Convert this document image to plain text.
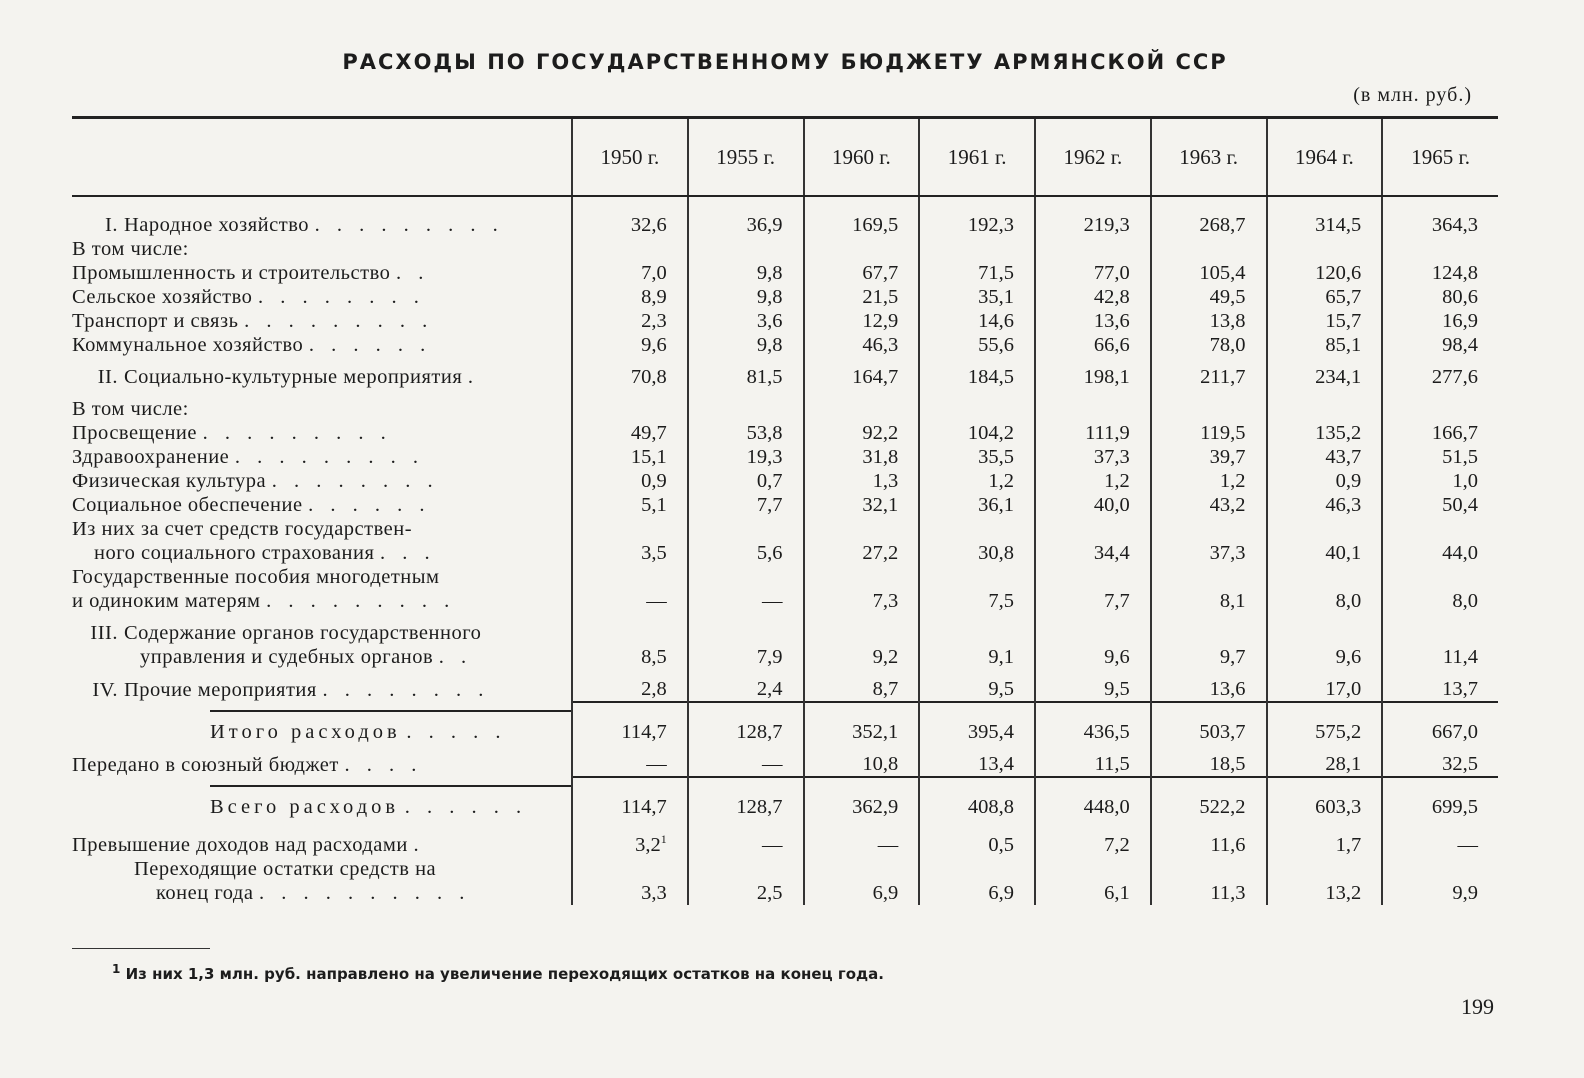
РАСХОДЫ ПО ГОСУДАРСТВЕННОМУ БЮДЖЕТУ АРМЯНСКОЙ ССР
(в млн. руб.)
	1950 г.	1955 г.	1960 г.	1961 г.	1962 г.	1963 г.	1964 г.	1965 г.

I. Народное хозяйство . . . . . . . . .	32,6	36,9	169,5	192,3	219,3	268,7	314,5	364,3
В том числе:								
Промышленность и строительство . .	7,0	9,8	67,7	71,5	77,0	105,4	120,6	124,8
Сельское хозяйство . . . . . . . .	8,9	9,8	21,5	35,1	42,8	49,5	65,7	80,6
Транспорт и связь . . . . . . . . .	2,3	3,6	12,9	14,6	13,6	13,8	15,7	16,9
Коммунальное хозяйство . . . . . .	9,6	9,8	46,3	55,6	66,6	78,0	85,1	98,4
II. Социально-культурные мероприятия .	70,8	81,5	164,7	184,5	198,1	211,7	234,1	277,6
В том числе:								
Просвещение . . . . . . . . .	49,7	53,8	92,2	104,2	111,9	119,5	135,2	166,7
Здравоохранение . . . . . . . . .	15,1	19,3	31,8	35,5	37,3	39,7	43,7	51,5
Физическая культура . . . . . . . .	0,9	0,7	1,3	1,2	1,2	1,2	0,9	1,0
Социальное обеспечение . . . . . .	5,1	7,7	32,1	36,1	40,0	43,2	46,3	50,4
Из них за счет средств государствен-
ного социального страхования . . .	3,5	5,6	27,2	30,8	34,4	37,3	40,1	44,0
Государственные пособия многодетным
и одиноким матерям . . . . . . . . .	—	—	7,3	7,5	7,7	8,1	8,0	8,0
III. Содержание органов государственного
управления и судебных органов . .	8,5	7,9	9,2	9,1	9,6	9,7	9,6	11,4
IV. Прочие мероприятия . . . . . . . .	2,8	2,4	8,7	9,5	9,5	13,6	17,0	13,7

Итого расходов . . . . .	114,7	128,7	352,1	395,4	436,5	503,7	575,2	667,0
Передано в союзный бюджет . . . .	—	—	10,8	13,4	11,5	18,5	28,1	32,5

Всего расходов . . . . . .	114,7	128,7	362,9	408,8	448,0	522,2	603,3	699,5
Превышение доходов над расходами .	$3,2^1$	—	—	0,5	7,2	11,6	1,7	—
Переходящие остатки средств на
конец года . . . . . . . . . .	3,3	2,5	6,9	6,9	6,1	11,3	13,2	9,9
$^1$ Из них 1,3 млн. руб. направлено на увеличение переходящих остатков на конец года.
199
